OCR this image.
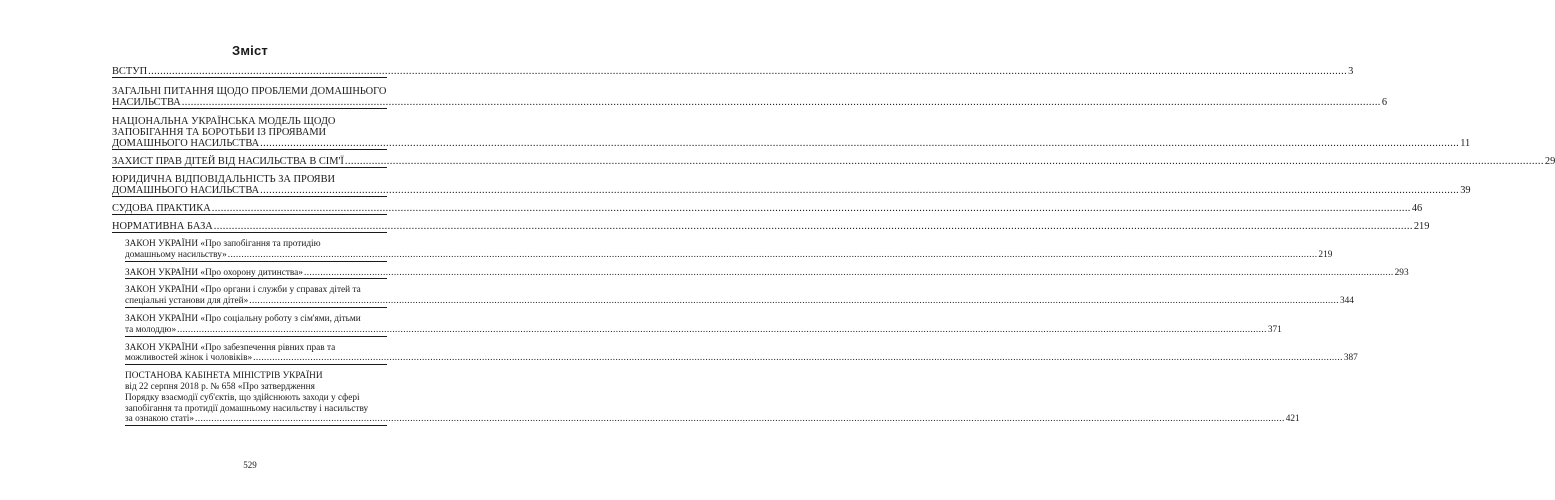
Зміст
ВСТУП ................................................................................................................................................................................................................................................................................................................................................................................................................ 3
ЗАГАЛЬНІ ПИТАННЯ ЩОДО ПРОБЛЕМИ ДОМАШНЬОГО
НАСИЛЬСТВА ................................................................................................................................................................................................................................................................................................................................................................................................................ 6
НАЦІОНАЛЬНА УКРАЇНСЬКА МОДЕЛЬ ЩОДО
ЗАПОБІГАННЯ ТА БОРОТЬБИ ІЗ ПРОЯВАМИ
ДОМАШНЬОГО НАСИЛЬСТВА ................................................................................................................................................................................................................................................................................................................................................................................................................ 11
ЗАХИСТ ПРАВ ДІТЕЙ ВІД НАСИЛЬСТВА В СІМ'Ї ................................................................................................................................................................................................................................................................................................................................................................................................................ 29
ЮРИДИЧНА ВІДПОВІДАЛЬНІСТЬ ЗА ПРОЯВИ
ДОМАШНЬОГО НАСИЛЬСТВА ................................................................................................................................................................................................................................................................................................................................................................................................................ 39
СУДОВА ПРАКТИКА ................................................................................................................................................................................................................................................................................................................................................................................................................ 46
НОРМАТИВНА БАЗА ................................................................................................................................................................................................................................................................................................................................................................................................................ 219
ЗАКОН УКРАЇНИ «Про запобігання та протидію
домашньому насильству» ................................................................................................................................................................................................................................................................................................................................................................................................................ 219
ЗАКОН УКРАЇНИ «Про охорону дитинства» ................................................................................................................................................................................................................................................................................................................................................................................................................ 293
ЗАКОН УКРАЇНИ «Про органи і служби у справах дітей та
спеціальні установи для дітей» ................................................................................................................................................................................................................................................................................................................................................................................................................ 344
ЗАКОН УКРАЇНИ «Про соціальну роботу з сім'ями, дітьми
та молоддю» ................................................................................................................................................................................................................................................................................................................................................................................................................ 371
ЗАКОН УКРАЇНИ «Про забезпечення рівних прав та
можливостей жінок і чоловіків» ................................................................................................................................................................................................................................................................................................................................................................................................................ 387
ПОСТАНОВА КАБІНЕТА МІНІСТРІВ УКРАЇНИ
від 22 серпня 2018 р. № 658 «Про затвердження
Порядку взаємодії суб'єктів, що здійснюють заходи у сфері
запобігання та протидії домашньому насильству і насильству
за ознакою статі» ................................................................................................................................................................................................................................................................................................................................................................................................................ 421
529
